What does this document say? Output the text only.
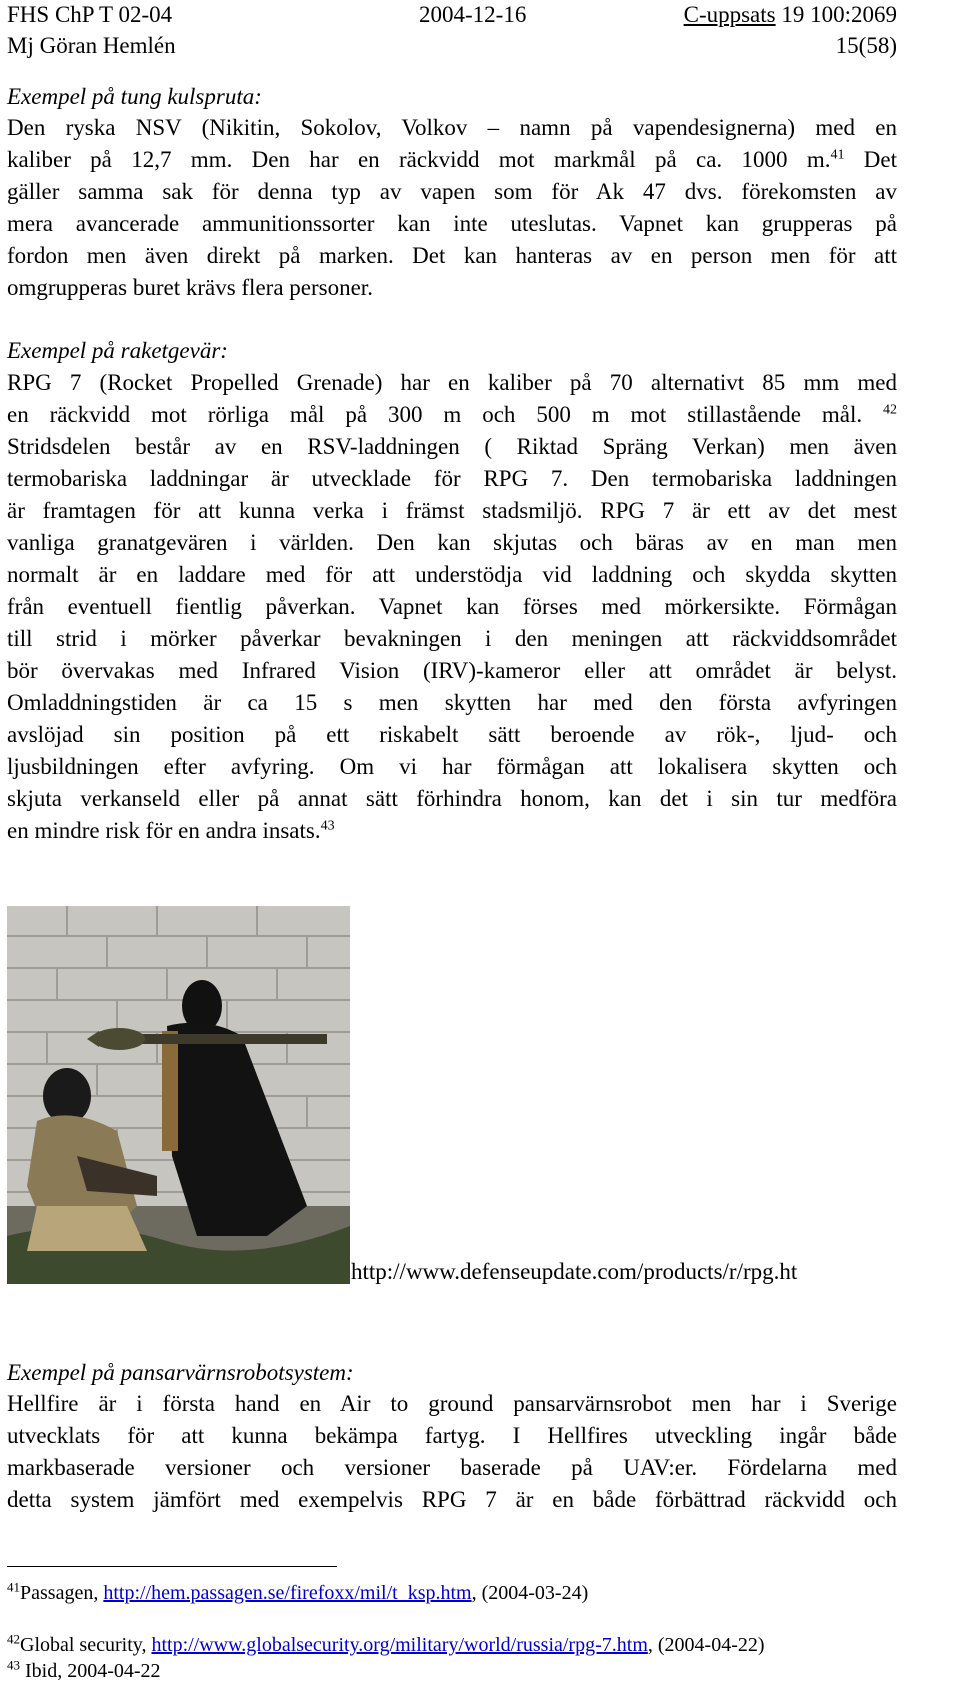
FHS ChP T 02-04	2004-12-16	C-uppsats 19 100:2069
Mj Göran Hemlén	15(58)
Exempel på tung kulspruta:
Den ryska NSV (Nikitin, Sokolov, Volkov – namn på vapendesignerna) med en
kaliber på 12,7 mm. Den har en räckvidd mot markmål på ca. 1000 m.$^{41}$ Det
gäller samma sak för denna typ av vapen som för Ak 47 dvs. förekomsten av
mera avancerade ammunitionssorter kan inte uteslutas. Vapnet kan grupperas på
fordon men även direkt på marken. Det kan hanteras av en person men för att
omgrupperas buret krävs flera personer.
Exempel på raketgevär:
RPG 7 (Rocket Propelled Grenade) har en kaliber på 70 alternativt 85 mm med
en räckvidd mot rörliga mål på 300 m och 500 m mot stillastående mål. $^{42}$
Stridsdelen består av en RSV-laddningen ( Riktad Spräng Verkan) men även
termobariska laddningar är utvecklade för RPG 7. Den termobariska laddningen
är framtagen för att kunna verka i främst stadsmiljö. RPG 7 är ett av det mest
vanliga granatgevären i världen. Den kan skjutas och bäras av en man men
normalt är en laddare med för att understödja vid laddning och skydda skytten
från eventuell fientlig påverkan. Vapnet kan förses med mörkersikte. Förmågan
till strid i mörker påverkar bevakningen i den meningen att räckviddsområdet
bör övervakas med Infrared Vision (IRV)-kameror eller att området är belyst.
Omladdningstiden är ca 15 s men skytten har med den första avfyringen
avslöjad sin position på ett riskabelt sätt beroende av rök-, ljud- och
ljusbildningen efter avfyring. Om vi har förmågan att lokalisera skytten och
skjuta verkanseld eller på annat sätt förhindra honom, kan det i sin tur medföra
en mindre risk för en andra insats.$^{43}$
http://www.defenseupdate.com/products/r/rpg.ht
Exempel på pansarvärnsrobotsystem:
Hellfire är i första hand en Air to ground pansarvärnsrobot men har i Sverige
utvecklats för att kunna bekämpa fartyg. I Hellfires utveckling ingår både
markbaserade versioner och versioner baserade på UAV:er. Fördelarna med
detta system jämfört med exempelvis RPG 7 är en både förbättrad räckvidd och
$^{41}$Passagen, http://hem.passagen.se/firefoxx/mil/t_ksp.htm, (2004-03-24)
$^{42}$Global security, http://www.globalsecurity.org/military/world/russia/rpg-7.htm, (2004-04-22)
$^{43}$ Ibid, 2004-04-22
